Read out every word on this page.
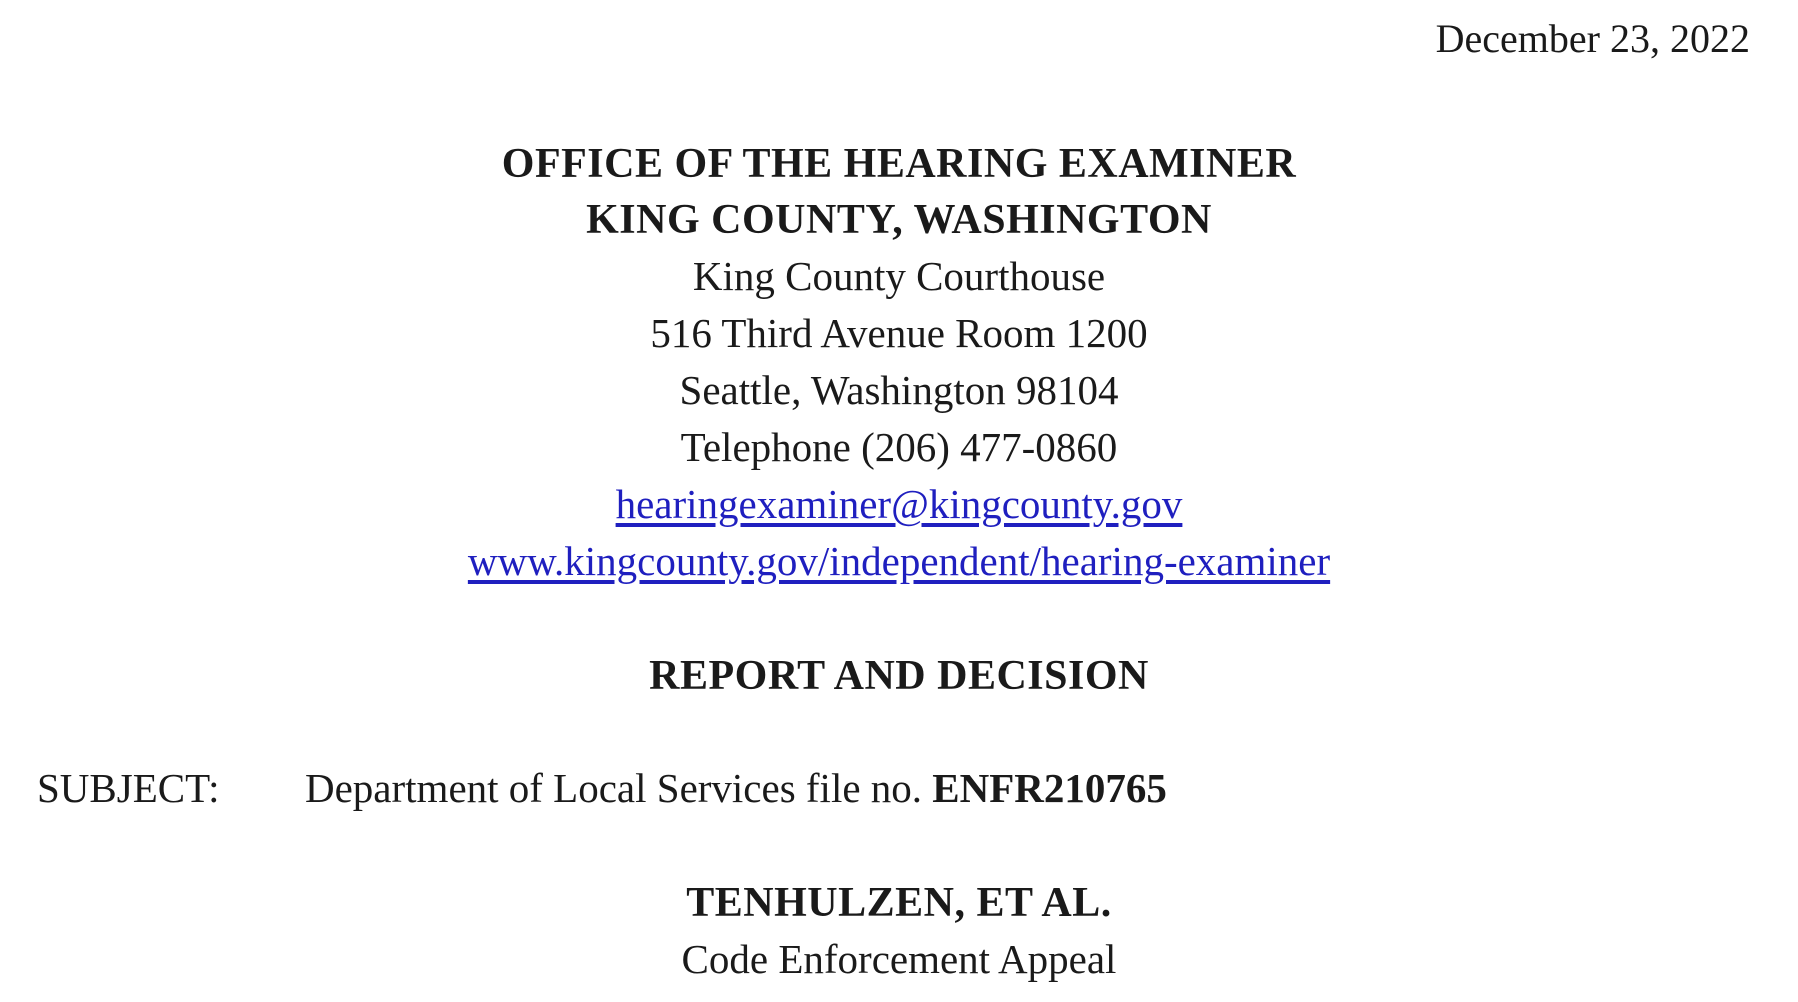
December 23, 2022
OFFICE OF THE HEARING EXAMINER
KING COUNTY, WASHINGTON
King County Courthouse
516 Third Avenue Room 1200
Seattle, Washington 98104
Telephone (206) 477-0860
hearingexaminer@kingcounty.gov
www.kingcounty.gov/independent/hearing-examiner
REPORT AND DECISION
SUBJECT: Department of Local Services file no. ENFR210765
TENHULZEN, ET AL.
Code Enforcement Appeal
